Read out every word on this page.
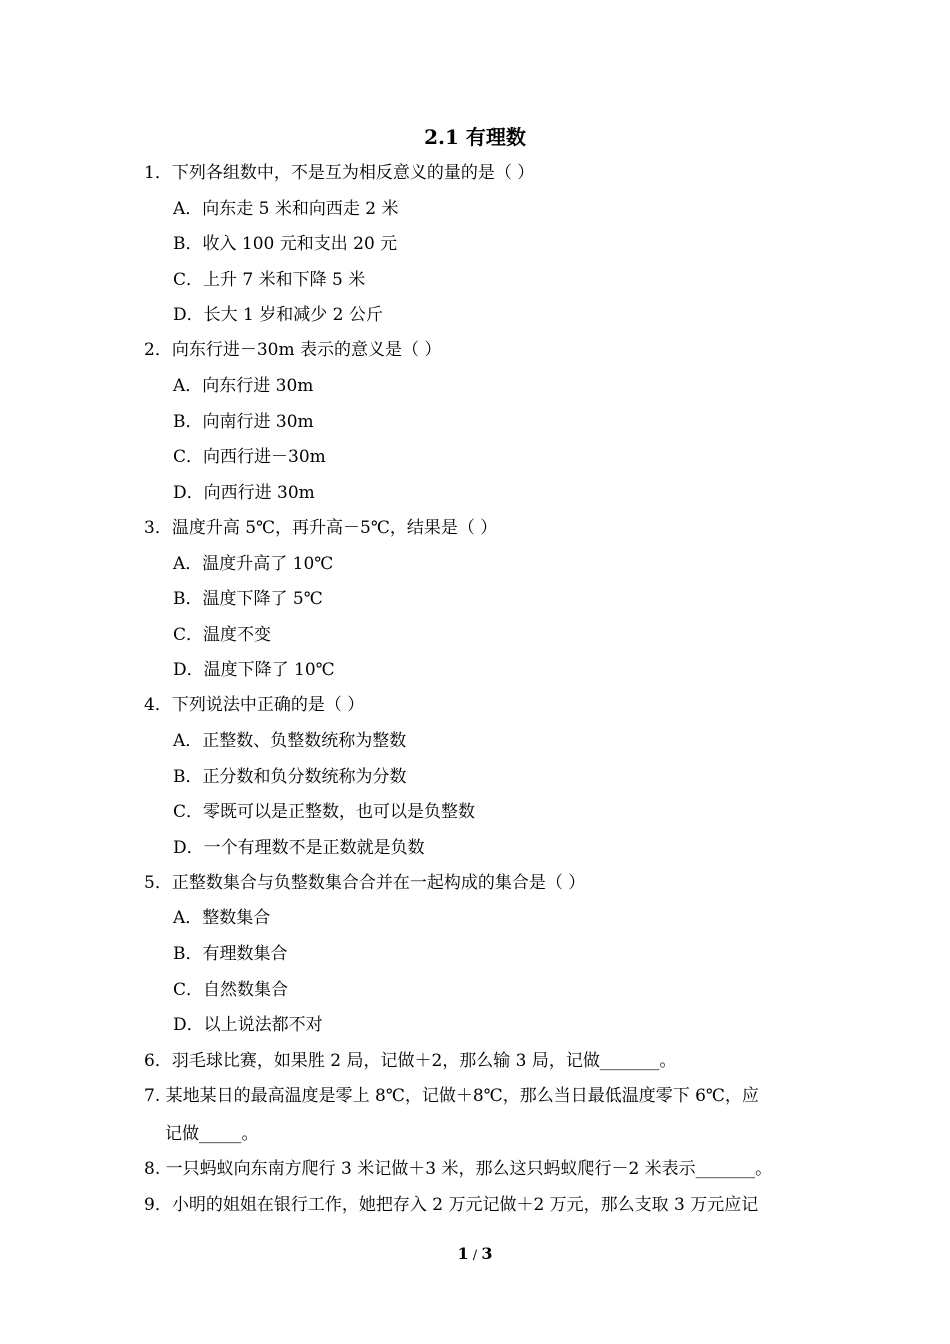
2.1 有理数
1．下列各组数中，不是互为相反意义的量的是（ ）
A．向东走 5 米和向西走 2 米
B．收入 100 元和支出 20 元
C．上升 7 米和下降 5 米
D．长大 1 岁和减少 2 公斤
2．向东行进－30m 表示的意义是（ ）
A．向东行进 30m
B．向南行进 30m
C．向西行进－30m
D．向西行进 30m
3．温度升高 5℃，再升高－5℃，结果是（ ）
A．温度升高了 10℃
B．温度下降了 5℃
C．温度不变
D．温度下降了 10℃
4．下列说法中正确的是（ ）
A．正整数、负整数统称为整数
B．正分数和负分数统称为分数
C．零既可以是正整数，也可以是负整数
D．一个有理数不是正数就是负数
5．正整数集合与负整数集合合并在一起构成的集合是（ ）
A．整数集合
B．有理数集合
C．自然数集合
D．以上说法都不对
6．羽毛球比赛，如果胜 2 局，记做＋2，那么输 3 局，记做_______。
7. 某地某日的最高温度是零上 8℃，记做＋8℃，那么当日最低温度零下 6℃，应
记做_____。
8. 一只蚂蚁向东南方爬行 3 米记做＋3 米，那么这只蚂蚁爬行－2 米表示_______。
9．小明的姐姐在银行工作，她把存入 2 万元记做＋2 万元，那么支取 3 万元应记
1 / 3
